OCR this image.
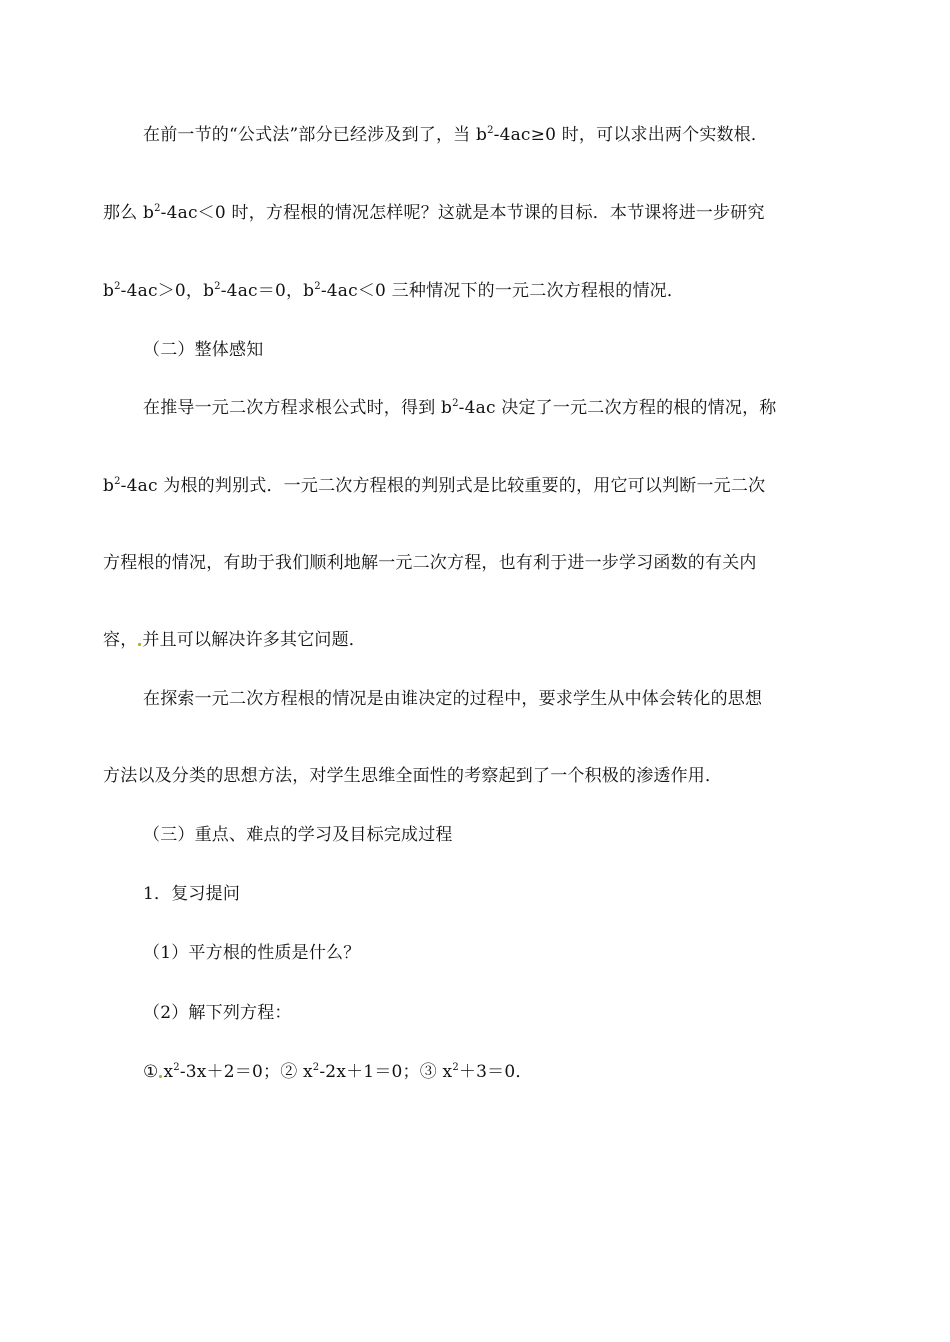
在前一节的“公式法”部分已经涉及到了，当 $b^2-4ac\ge 0$ 时，可以求出两个实数根．
那么 $b^2-4ac<0$ 时，方程根的情况怎样呢？这就是本节课的目标．本节课将进一步研究
$b^2-4ac>0$，$b^2-4ac=0$，$b^2-4ac<0$ 三种情况下的一元二次方程根的情况．
（二）整体感知
在推导一元二次方程求根公式时，得到 $b^2-4ac$ 决定了一元二次方程的根的情况，称
$b^2-4ac$ 为根的判别式．一元二次方程根的判别式是比较重要的，用它可以判断一元二次
方程根的情况，有助于我们顺利地解一元二次方程，也有利于进一步学习函数的有关内
容， 并且可以解决许多其它问题．
在探索一元二次方程根的情况是由谁决定的过程中，要求学生从中体会转化的思想
方法以及分类的思想方法，对学生思维全面性的考察起到了一个积极的渗透作用．
（三）重点、难点的学习及目标完成过程
1．复习提问
（1）平方根的性质是什么？
（2）解下列方程：
① $x^2-3x+2=0$；② $x^2-2x+1=0$；③ $x^2+3=0$．
